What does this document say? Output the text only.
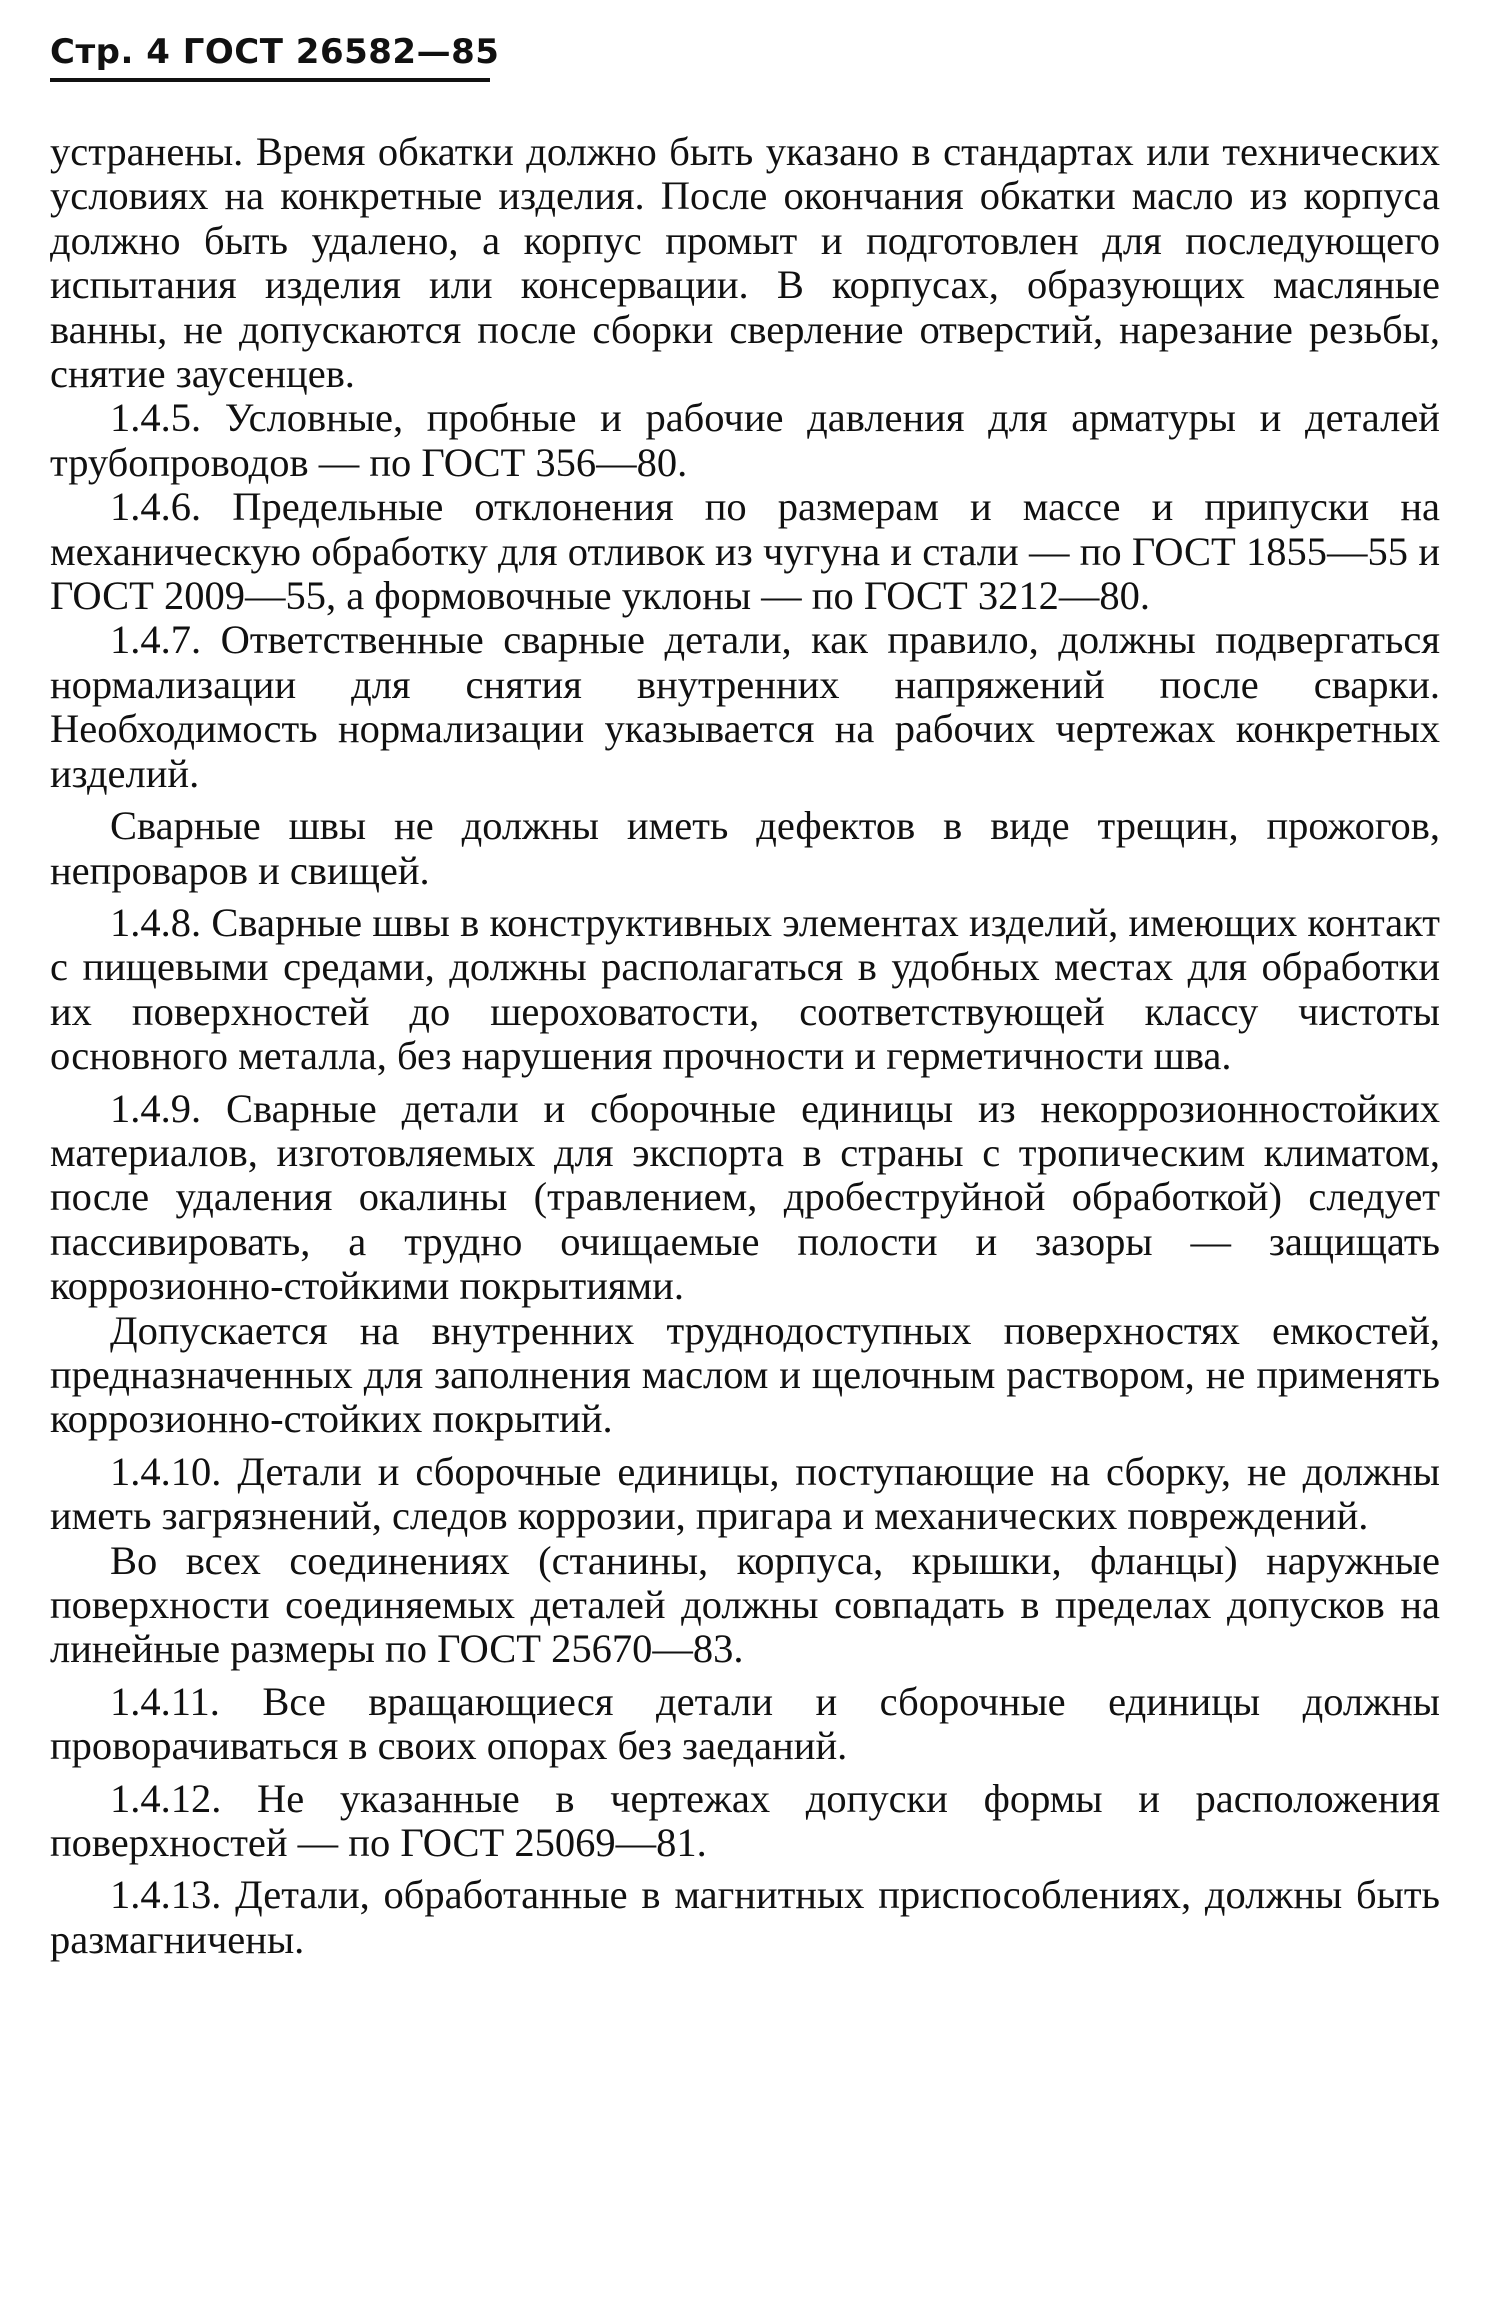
Стр. 4 ГОСТ 26582—85

устранены. Время обкатки должно быть указано в стандартах или технических условиях на конкретные изделия. После окончания обкатки масло из корпуса должно быть удалено, а корпус промыт и подготовлен для последующего испытания изделия или консервации. В корпусах, образующих масляные ванны, не допускаются после сборки сверление отверстий, нарезание резьбы, снятие заусенцев.

1.4.5. Условные, пробные и рабочие давления для арматуры и деталей трубопроводов — по ГОСТ 356—80.

1.4.6. Предельные отклонения по размерам и массе и припуски на механическую обработку для отливок из чугуна и стали — по ГОСТ 1855—55 и ГОСТ 2009—55, а формовочные уклоны — по ГОСТ 3212—80.

1.4.7. Ответственные сварные детали, как правило, должны подвергаться нормализации для снятия внутренних напряжений после сварки. Необходимость нормализации указывается на рабочих чертежах конкретных изделий.

Сварные швы не должны иметь дефектов в виде трещин, прожогов, непроваров и свищей.

1.4.8. Сварные швы в конструктивных элементах изделий, имеющих контакт с пищевыми средами, должны располагаться в удобных местах для обработки их поверхностей до шероховатости, соответствующей классу чистоты основного металла, без нарушения прочности и герметичности шва.

1.4.9. Сварные детали и сборочные единицы из некоррозионностойких материалов, изготовляемых для экспорта в страны с тропическим климатом, после удаления окалины (травлением, дробеструйной обработкой) следует пассивировать, а трудно очищаемые полости и зазоры — защищать коррозионно-стойкими покрытиями.

Допускается на внутренних труднодоступных поверхностях емкостей, предназначенных для заполнения маслом и щелочным раствором, не применять коррозионно-стойких покрытий.

1.4.10. Детали и сборочные единицы, поступающие на сборку, не должны иметь загрязнений, следов коррозии, пригара и механических повреждений.

Во всех соединениях (станины, корпуса, крышки, фланцы) наружные поверхности соединяемых деталей должны совпадать в пределах допусков на линейные размеры по ГОСТ 25670—83.

1.4.11. Все вращающиеся детали и сборочные единицы должны проворачиваться в своих опорах без заеданий.

1.4.12. Не указанные в чертежах допуски формы и расположения поверхностей — по ГОСТ 25069—81.

1.4.13. Детали, обработанные в магнитных приспособлениях, должны быть размагничены.
